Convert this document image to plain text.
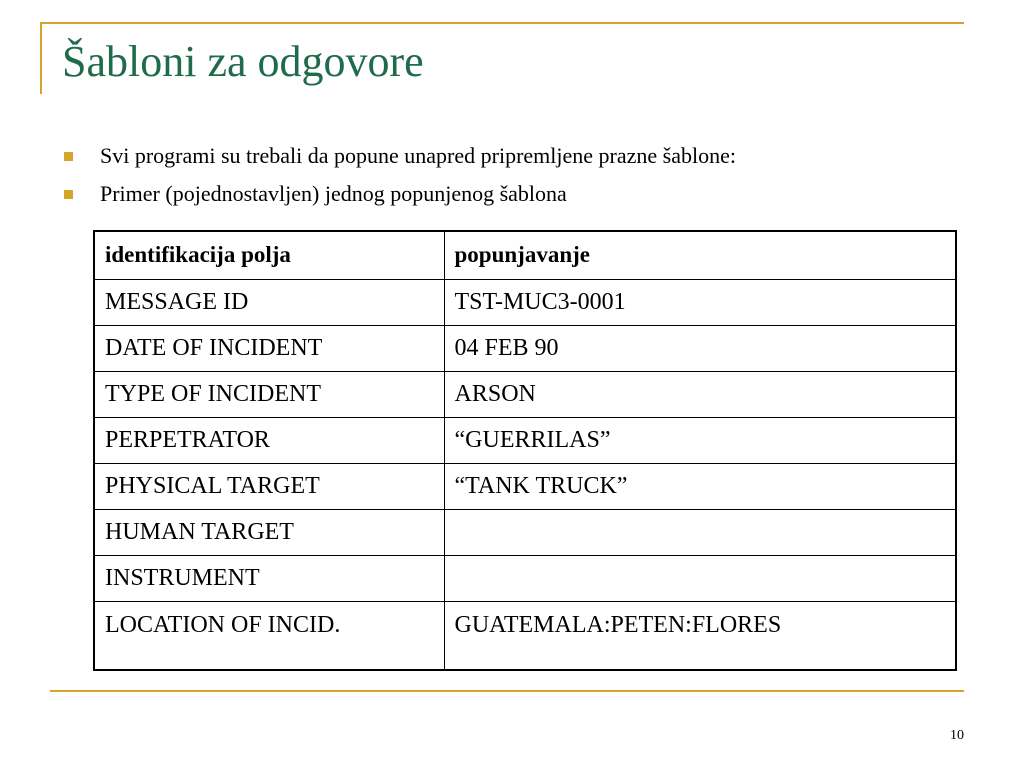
Šabloni za odgovore
Svi programi su trebali da popune unapred pripremljene prazne šablone:
Primer (pojednostavljen) jednog popunjenog šablona
identifikacija polja	popunjavanje
MESSAGE ID	TST-MUC3-0001
DATE OF INCIDENT	04 FEB 90
TYPE OF INCIDENT	ARSON
PERPETRATOR	“GUERRILAS”
PHYSICAL TARGET	“TANK TRUCK”
HUMAN TARGET	
INSTRUMENT	
LOCATION OF INCID.	GUATEMALA:PETEN:FLORES
10
